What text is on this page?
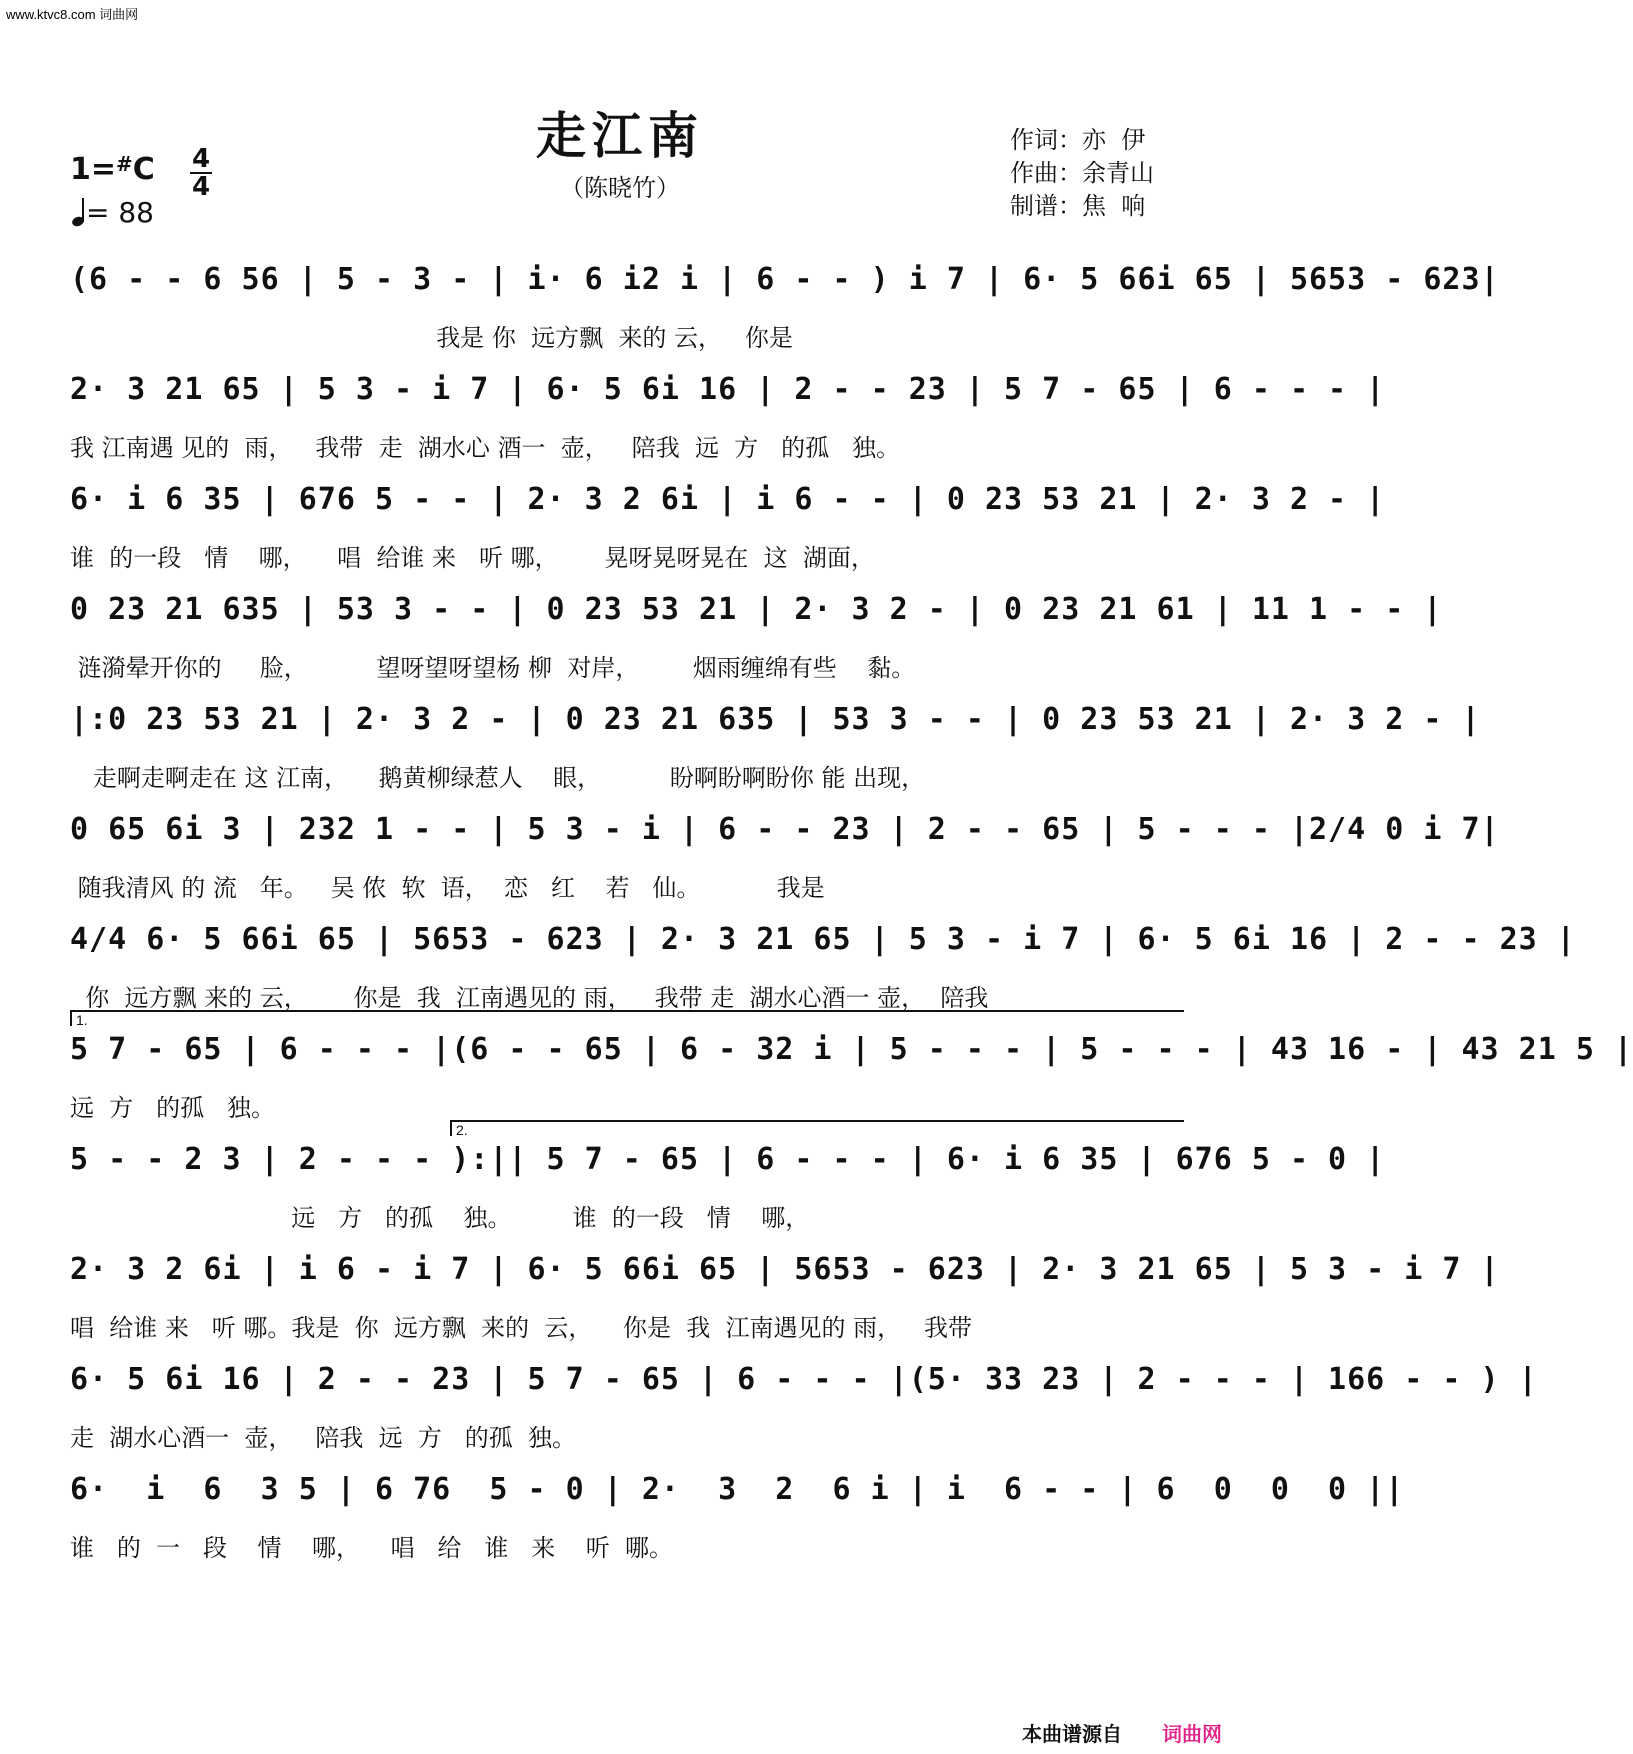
www.ktvc8.com 词曲网
走江南
（陈晓竹）
1=#C 4
4
= 88
作词：亦  伊
作曲：余青山
制谱：焦  响
(6 - - 6 56 | 5 - 3 - | i· 6 i2 i | 6 - - ) i 7 | 6· 5 66i 65 | 5653 - 623|
我是 你  远方飘  来的 云，   你是
2· 3 21 65 | 5 3 - i 7 | 6· 5 6i 16 | 2 - - 23 | 5 7 - 65 | 6 - - - |
我 江南遇 见的  雨，   我带  走  湖水心 酒一  壶，   陪我  远  方   的孤   独。
6· i 6 35 | 676 5 - - | 2· 3 2 6i | i 6 - - | 0 23 53 21 | 2· 3 2 - |
谁  的一段   情    哪，    唱  给谁 来   听 哪，      晃呀晃呀晃在  这  湖面，
0 23 21 635 | 53 3 - - | 0 23 53 21 | 2· 3 2 - | 0 23 21 61 | 11 1 - - |
涟漪晕开你的     脸，         望呀望呀望杨 柳  对岸，       烟雨缠绵有些    黏。
|:0 23 53 21 | 2· 3 2 - | 0 23 21 635 | 53 3 - - | 0 23 53 21 | 2· 3 2 - |
走啊走啊走在 这 江南，    鹅黄柳绿惹人    眼，         盼啊盼啊盼你 能 出现，
0 65 6i 3 | 232 1 - - | 5 3 - i | 6 - - 23 | 2 - - 65 | 5 - - - |2/4 0 i 7|
随我清风 的 流   年。   吴 侬  软  语，  恋   红    若   仙。          我是
4/4 6· 5 66i 65 | 5653 - 623 | 2· 3 21 65 | 5 3 - i 7 | 6· 5 6i 16 | 2 - - 23 |
你  远方飘 来的 云，      你是  我  江南遇见的 雨，   我带 走  湖水心酒一 壶，  陪我
1.
5 7 - 65 | 6 - - - |(6 - - 65 | 6 - 32 i | 5 - - - | 5 - - - | 43 16 - | 43 21 5 |
远  方   的孤   独。
2.
5 - - 2 3 | 2 - - - ):|| 5 7 - 65 | 6 - - - | 6· i 6 35 | 676 5 - 0 |
远   方   的孤    独。        谁  的一段   情    哪，
2· 3 2 6i | i 6 - i 7 | 6· 5 66i 65 | 5653 - 623 | 2· 3 21 65 | 5 3 - i 7 |
唱  给谁 来   听 哪。我是  你  远方飘  来的  云，    你是  我  江南遇见的 雨，   我带
6· 5 6i 16 | 2 - - 23 | 5 7 - 65 | 6 - - - |(5· 33 23 | 2 - - - | 166 - - ) |
走  湖水心酒一  壶，   陪我  远  方   的孤  独。
6·  i  6  3 5 | 6 76  5 - 0 | 2·  3  2  6 i | i  6 - - | 6  0  0  0 ||
谁   的  一   段    情    哪，    唱   给   谁   来    听  哪。
本曲谱源自 词曲网
